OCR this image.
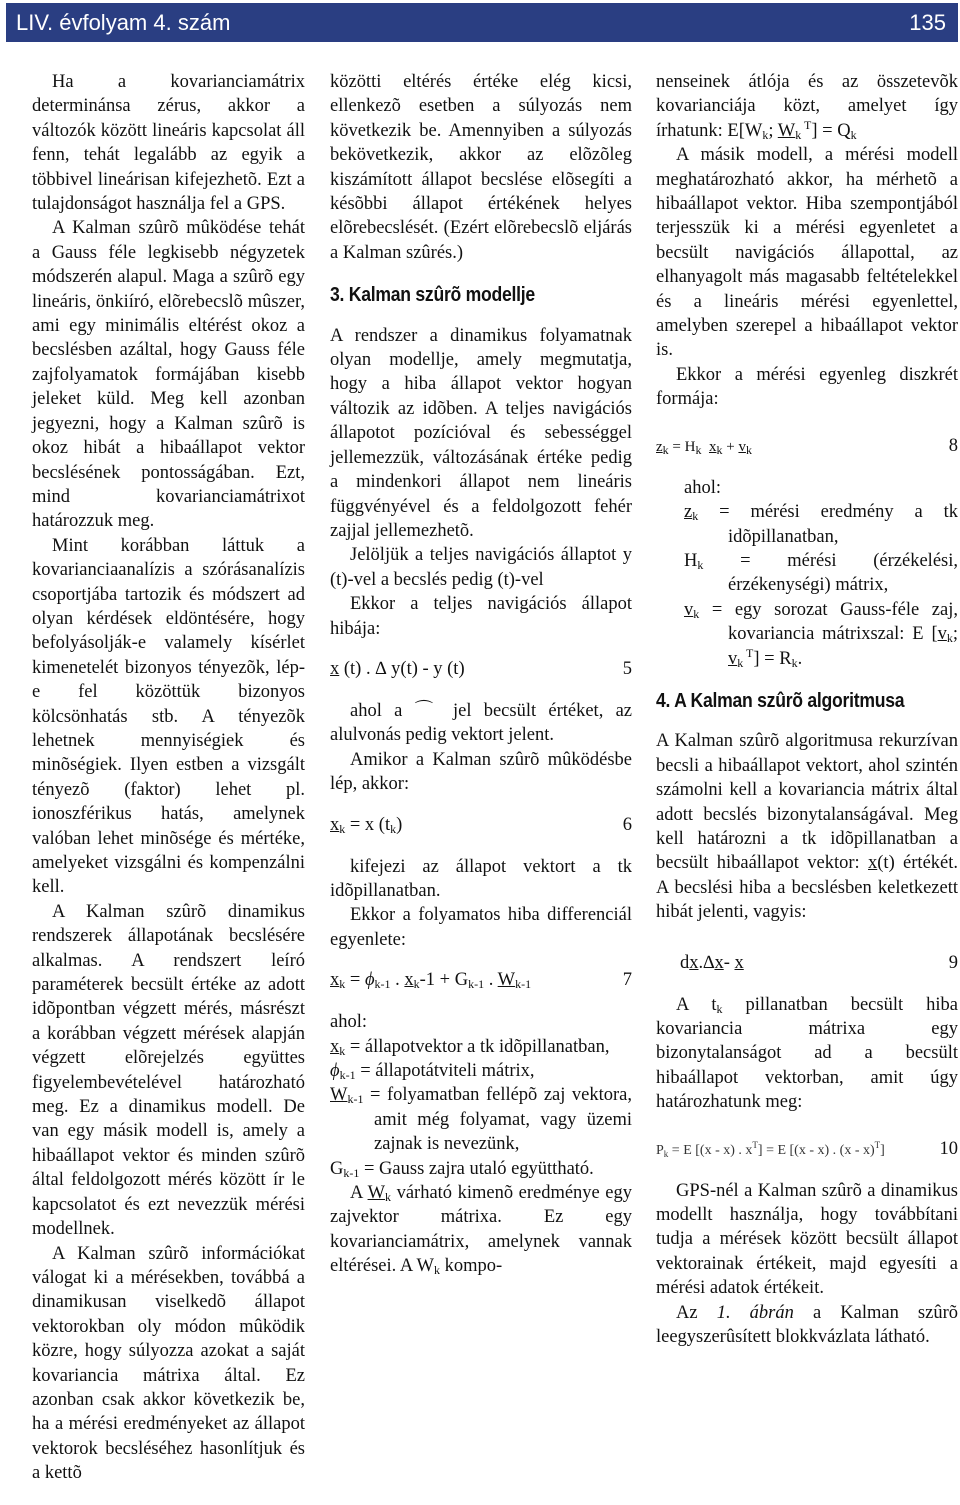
LIV. évfolyam 4. szám	135

Ha a kovarianciamátrix determinánsa zérus, akkor a változók között lineáris kapcsolat áll fenn, tehát legalább az egyik a többivel lineárisan kifejezhetõ. Ezt a tulajdonságot használja fel a GPS.

A Kalman szûrõ mûködése tehát a Gauss féle legkisebb négyzetek módszerén alapul. Maga a szûrõ egy lineáris, önkiíró, elõrebecslõ mûszer, ami egy minimális eltérést okoz a becslésben azáltal, hogy Gauss féle zajfolyamatok formájában kisebb jeleket küld. Meg kell azonban jegyezni, hogy a Kalman szûrõ is okoz hibát a hibaállapot vektor becslésének pontosságában. Ezt, mind kovarianciamátrixot határozzuk meg.

Mint korábban láttuk a kovarianciaanalízis a szórásanalízis csoportjába tartozik és módszert ad olyan kérdések eldöntésére, hogy befolyásolják-e valamely kísérlet kimenetelét bizonyos tényezõk, lép-e fel közöttük bizonyos kölcsönhatás stb. A tényezõk lehetnek mennyiségiek és minõségiek. Ilyen estben a vizsgált tényezõ (faktor) lehet pl. ionoszférikus hatás, amelynek valóban lehet minõsége és mértéke, amelyeket vizsgálni és kompenzálni kell.

A Kalman szûrõ dinamikus rendszerek állapotának becslésére alkalmas. A rendszert leíró paraméterek becsült értéke az adott idõpontban végzett mérés, másrészt a korábban végzett mérések alapján végzett elõrejelzés együttes figyelembevételével határozható meg. Ez a dinamikus modell. De van egy másik modell is, amely a hibaállapot vektor és minden szûrõ által feldolgozott mérés között ír le kapcsolatot és ezt nevezzük mérési modellnek.

A Kalman szûrõ információkat válogat ki a mérésekben, továbbá a dinamikusan viselkedõ állapot vektorokban oly módon mûködik közre, hogy súlyozza azokat a saját kovariancia mátrixa által. Ez azonban csak akkor következik be, ha a mérési eredményeket az állapot vektorok becsléséhez hasonlítjuk és a kettõ

közötti eltérés értéke elég kicsi, ellenkezõ esetben a súlyozás nem következik be. Amennyiben a súlyozás bekövetkezik, akkor az elõzõleg kiszámított állapot becslése elõsegíti a késõbbi állapot értékének helyes elõrebecslését. (Ezért elõrebecslõ eljárás a Kalman szûrés.)

3. Kalman szûrõ modellje

A rendszer a dinamikus folyamatnak olyan modellje, amely megmutatja, hogy a hiba állapot vektor hogyan változik az idõben. A teljes navigációs állapotot pozícióval és sebességgel jellemezzük, változásának értéke pedig a mindenkori állapot nem lineáris függvényével és a feldolgozott fehér zajjal jellemezhetõ.

Jelöljük a teljes navigációs állaptot y (t)-vel a becslés pedig (t)-vel

Ekkor a teljes navigációs állapot hibája:

x (t) . ∆ y(t) - y (t)	5

ahol a ⌒ jel becsült értéket, az alulvonás pedig vektort jelent.

Amikor a Kalman szûrõ mûködésbe lép, akkor:

$x_k = x$ $(t_k)$	6

kifejezi az állapot vektort a tk idõpillanatban.

Ekkor a folyamatos hiba differenciál egyenlete:

$x_k = \phi_{k-1}$ . $x_k-1 + G_{k-1}$ . $W_{k-1}$	7

ahol:

$x_k$ = állapotvektor a tk idõpillanatban,

$\phi_{k-1}$ = állapotátviteli mátrix,

$W_{k-1}$ = folyamatban fellépõ zaj vektora, amit még folyamat, vagy üzemi zajnak is nevezünk,

$G_{k-1}$ = Gauss zajra utaló együttható.

A $W_k$ várható kimenõ eredménye egy zajvektor mátrixa. Ez egy kovarianciamátrix, amelynek vannak eltérései. A $W_k$ kompo-

nenseinek átlója és az összetevõk kovarianciája közt, amelyet így írhatunk: $E[W_k$; $W_k$ $^T] = Q_k$

A másik modell, a mérési modell meghatározható akkor, ha mérhetõ a hibaállapot vektor. Hiba szempontjából terjesszük ki a mérési egyenletet a becsült navigációs állapottal, az elhanyagolt más magasabb feltételekkel és a lineáris mérési egyenlettel, amelyben szerepel a hibaállapot vektor is.

Ekkor a mérési egyenleg diszkrét formája:

$z_k = H_k$ $x_k + v_k$	8

ahol:

$z_k$ = mérési eredmény a tk idõpillanatban,

$H_k$ = mérési (érzékelési, érzékenységi) mátrix,

$v_k$ = egy sorozat Gauss-féle zaj, kovariancia mátrixszal: E [$v_k$; $v_k$ $^T] = R_k$.

4. A Kalman szûrõ algoritmusa

A Kalman szûrõ algoritmusa rekurzívan becsli a hibaállapot vektort, ahol szintén számolni kell a kovariancia mátrix által adott becslés bizonytalanságával. Meg kell határozni a tk idõpillanatban a becsült hibaállapot vektor: x(t) értékét. A becslési hiba a becslésben keletkezett hibát jelenti, vagyis:

dx.∆x- x	9

A $t_k$ pillanatban becsült hiba kovariancia mátrixa egy bizonytalanságot ad a becsült hibaállapot vektorban, amit úgy határozhatunk meg:

$P_k = E$ [(x - x) . $x^T] = E$ [(x - x) . (x - x)$^T$]	10

GPS-nél a Kalman szûrõ a dinamikus modellt használja, hogy továbbítani tudja a mérések között becsült állapot vektorainak értékeit, majd egyesíti a mérési adatok értékeit.

Az 1. ábrán a Kalman szûrõ leegyszerûsített blokkvázlata látható.
